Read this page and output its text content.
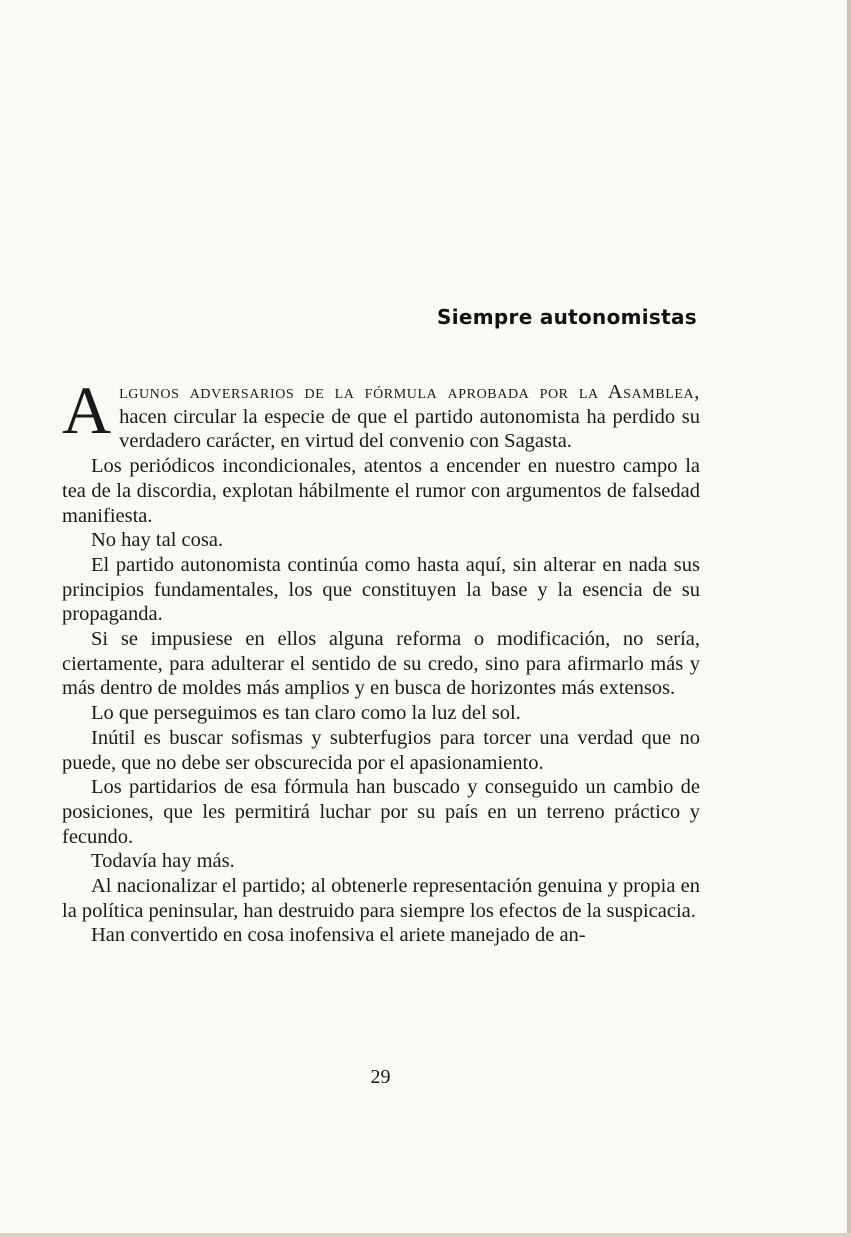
Siempre autonomistas

Algunos adversarios de la fórmula aprobada por la Asamblea, hacen circular la especie de que el partido autonomista ha perdido su verdadero carácter, en virtud del convenio con Sagasta.

Los periódicos incondicionales, atentos a encender en nuestro campo la tea de la discordia, explotan hábilmente el rumor con argumentos de falsedad manifiesta.

No hay tal cosa.

El partido autonomista continúa como hasta aquí, sin alterar en nada sus principios fundamentales, los que constituyen la base y la esencia de su propaganda.

Si se impusiese en ellos alguna reforma o modificación, no sería, ciertamente, para adulterar el sentido de su credo, sino para afirmarlo más y más dentro de moldes más amplios y en busca de horizontes más extensos.

Lo que perseguimos es tan claro como la luz del sol.

Inútil es buscar sofismas y subterfugios para torcer una verdad que no puede, que no debe ser obscurecida por el apasionamiento.

Los partidarios de esa fórmula han buscado y conseguido un cambio de posiciones, que les permitirá luchar por su país en un terreno práctico y fecundo.

Todavía hay más.

Al nacionalizar el partido; al obtenerle representación genuina y propia en la política peninsular, han destruido para siempre los efectos de la suspicacia.

Han convertido en cosa inofensiva el ariete manejado de an-

29
